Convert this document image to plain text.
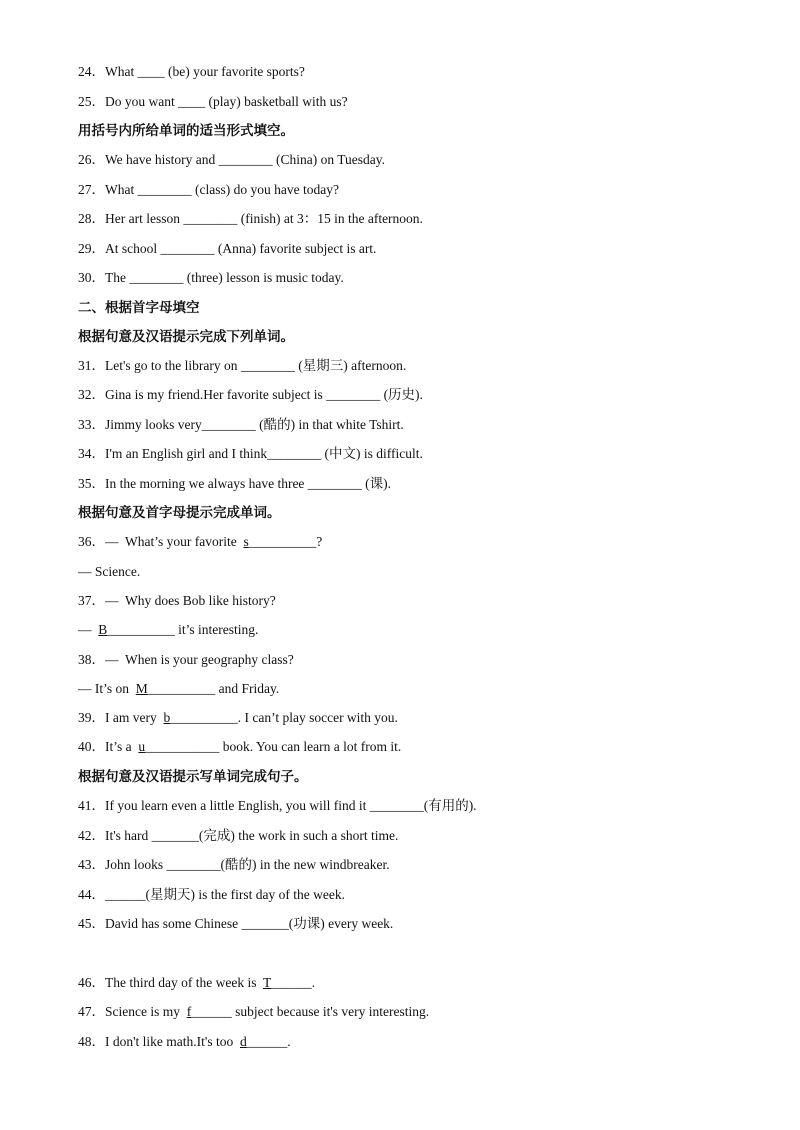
24．What ____ (be) your favorite sports?
25．Do you want ____ (play) basketball with us?
用括号内所给单词的适当形式填空。
26．We have history and ________ (China) on Tuesday.
27．What ________ (class) do you have today?
28．Her art lesson ________ (finish) at 3：15 in the afternoon.
29．At school ________ (Anna) favorite subject is art.
30．The ________ (three) lesson is music today.
二、根据首字母填空
根据句意及汉语提示完成下列单词。
31．Let's go to the library on ________ (星期三) afternoon.
32．Gina is my friend.Her favorite subject is ________ (历史).
33．Jimmy looks very________ (酷的) in that white Tshirt.
34．I'm an English girl and I think________ (中文) is difficult.
35．In the morning we always have three ________ (课).
根据句意及首字母提示完成单词。
36．—  What’s your favorite  s__________?
— Science.
37．—  Why does Bob like history?
—  B__________ it’s interesting.
38．—  When is your geography class?
— It’s on  M__________ and Friday.
39．I am very  b__________. I can’t play soccer with you.
40．It’s a  u___________ book. You can learn a lot from it.
根据句意及汉语提示写单词完成句子。
41．If you learn even a little English, you will find it ________(有用的).
42．It's hard _______(完成) the work in such a short time.
43．John looks ________(酷的) in the new windbreaker.
44．______(星期天) is the first day of the week.
45．David has some Chinese _______(功课) every week.
46．The third day of the week is  T______.
47．Science is my  f______ subject because it's very interesting.
48．I don't like math.It's too  d______.
